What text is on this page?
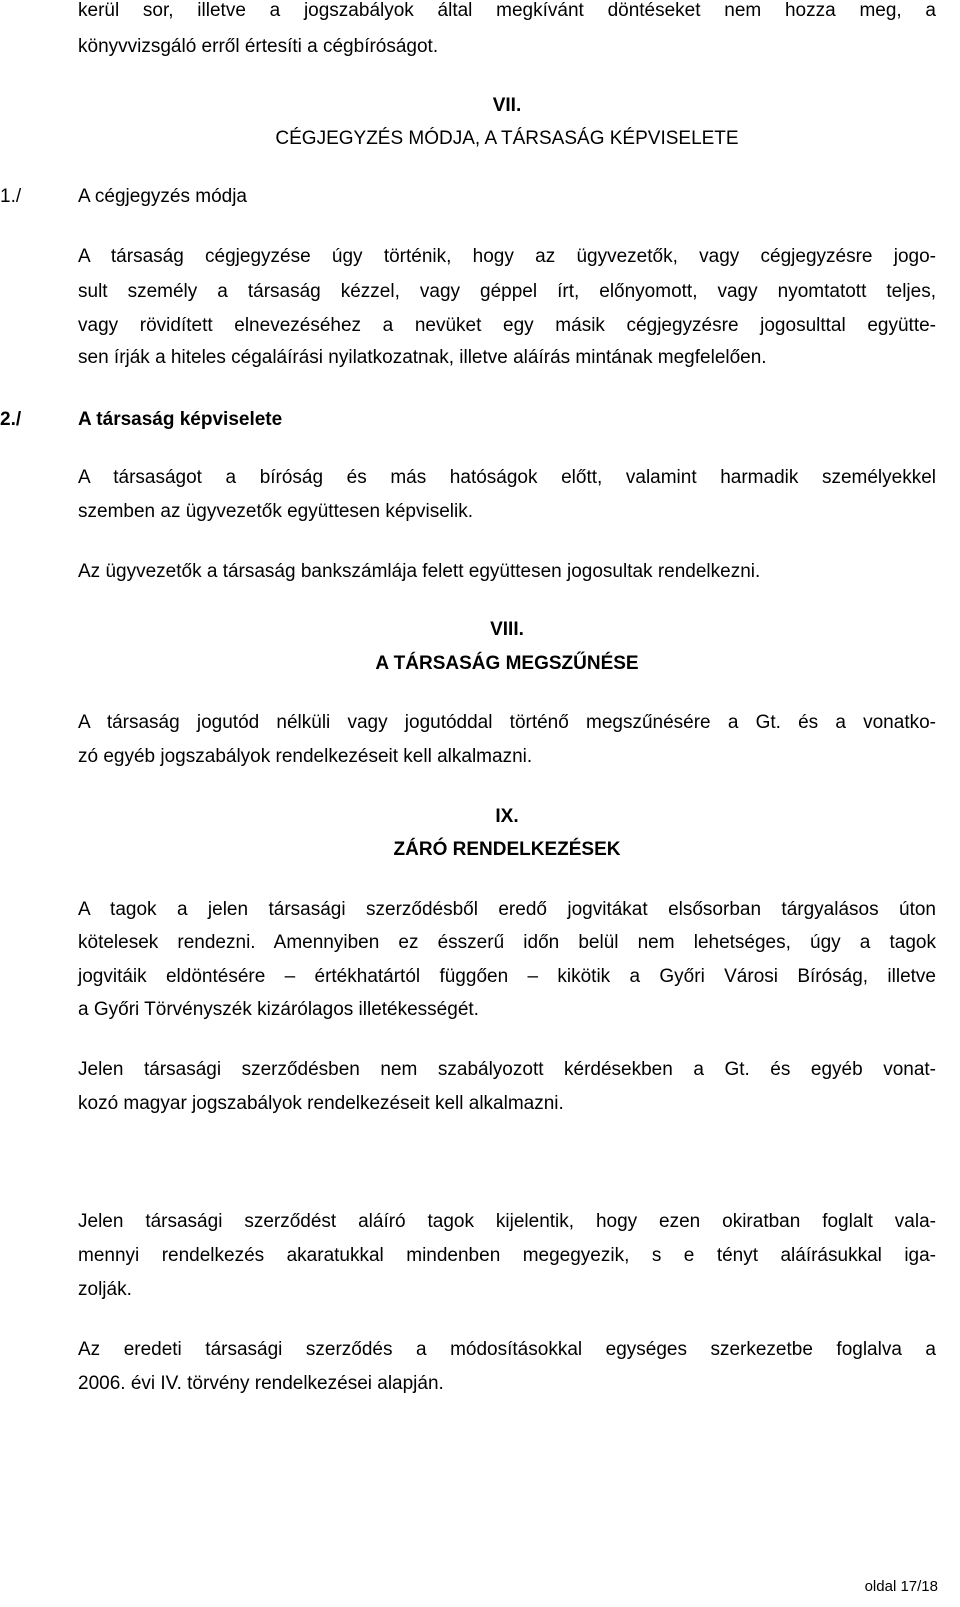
kerül sor, illetve a jogszabályok által megkívánt döntéseket nem hozza meg, a
könyvvizsgáló erről értesíti a cégbíróságot.
VII.
CÉGJEGYZÉS MÓDJA, A TÁRSASÁG KÉPVISELETE
1./	A cégjegyzés módja
A társaság cégjegyzése úgy történik, hogy az ügyvezetők, vagy cégjegyzésre jogo-
sult személy a társaság kézzel, vagy géppel írt, előnyomott, vagy nyomtatott teljes,
vagy rövidített elnevezéséhez a nevüket egy másik cégjegyzésre jogosulttal együtte-
sen írják a hiteles cégaláírási nyilatkozatnak, illetve aláírás mintának megfelelően.
2./	A társaság képviselete
A társaságot a bíróság és más hatóságok előtt, valamint harmadik személyekkel
szemben az ügyvezetők együttesen képviselik.
Az ügyvezetők a társaság bankszámlája felett együttesen jogosultak rendelkezni.
VIII.
A TÁRSASÁG MEGSZŰNÉSE
A társaság jogutód nélküli vagy jogutóddal történő megszűnésére a Gt. és a vonatko-
zó egyéb jogszabályok rendelkezéseit kell alkalmazni.
IX.
ZÁRÓ RENDELKEZÉSEK
A tagok a jelen társasági szerződésből eredő jogvitákat elsősorban tárgyalásos úton
kötelesek rendezni. Amennyiben ez ésszerű időn belül nem lehetséges, úgy a tagok
jogvitáik eldöntésére – értékhatártól függően – kikötik a Győri Városi Bíróság, illetve
a Győri Törvényszék kizárólagos illetékességét.
Jelen társasági szerződésben nem szabályozott kérdésekben a Gt. és egyéb vonat-
kozó magyar jogszabályok rendelkezéseit kell alkalmazni.
Jelen társasági szerződést aláíró tagok kijelentik, hogy ezen okiratban foglalt vala-
mennyi rendelkezés akaratukkal mindenben megegyezik, s e tényt aláírásukkal iga-
zolják.
Az eredeti társasági szerződés a módosításokkal egységes szerkezetbe foglalva a
2006. évi IV. törvény rendelkezései alapján.
oldal 17/18
